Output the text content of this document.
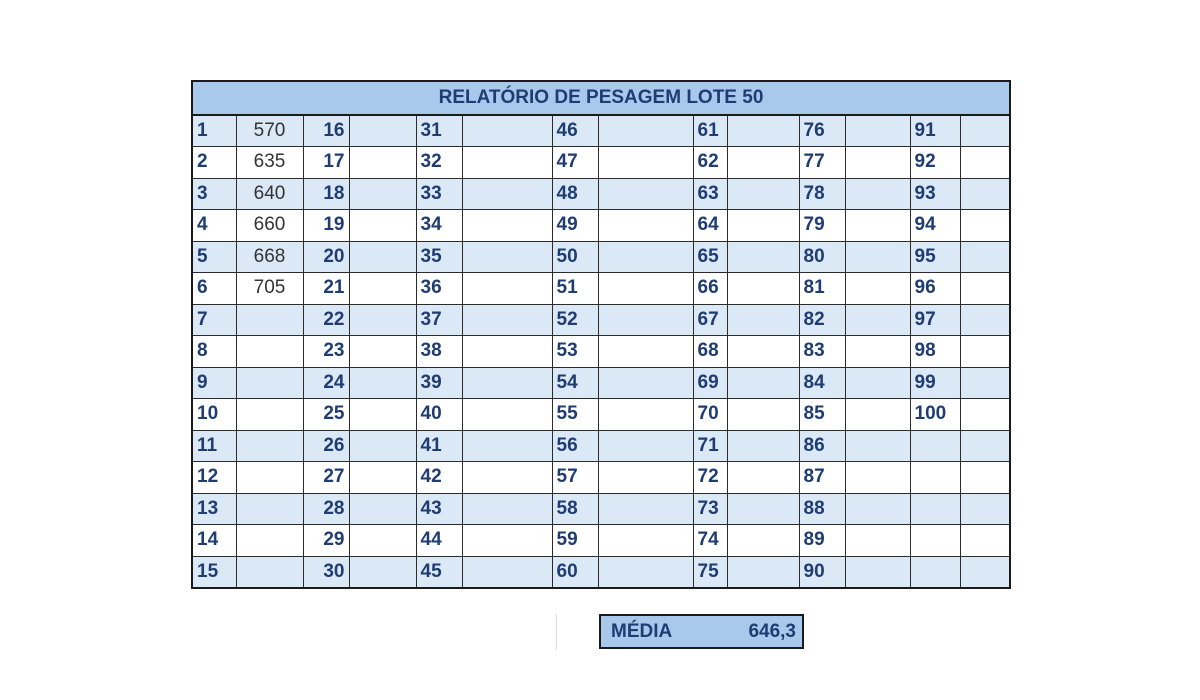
RELATÓRIO DE PESAGEM LOTE 50													
1	570	16		31		46		61		76		91	
2	635	17		32		47		62		77		92	
3	640	18		33		48		63		78		93	
4	660	19		34		49		64		79		94	
5	668	20		35		50		65		80		95	
6	705	21		36		51		66		81		96	
7		22		37		52		67		82		97	
8		23		38		53		68		83		98	
9		24		39		54		69		84		99	
10		25		40		55		70		85		100	
11		26		41		56		71		86			
12		27		42		57		72		87			
13		28		43		58		73		88			
14		29		44		59		74		89			
15		30		45		60		75		90			
MÉDIA	646,3
